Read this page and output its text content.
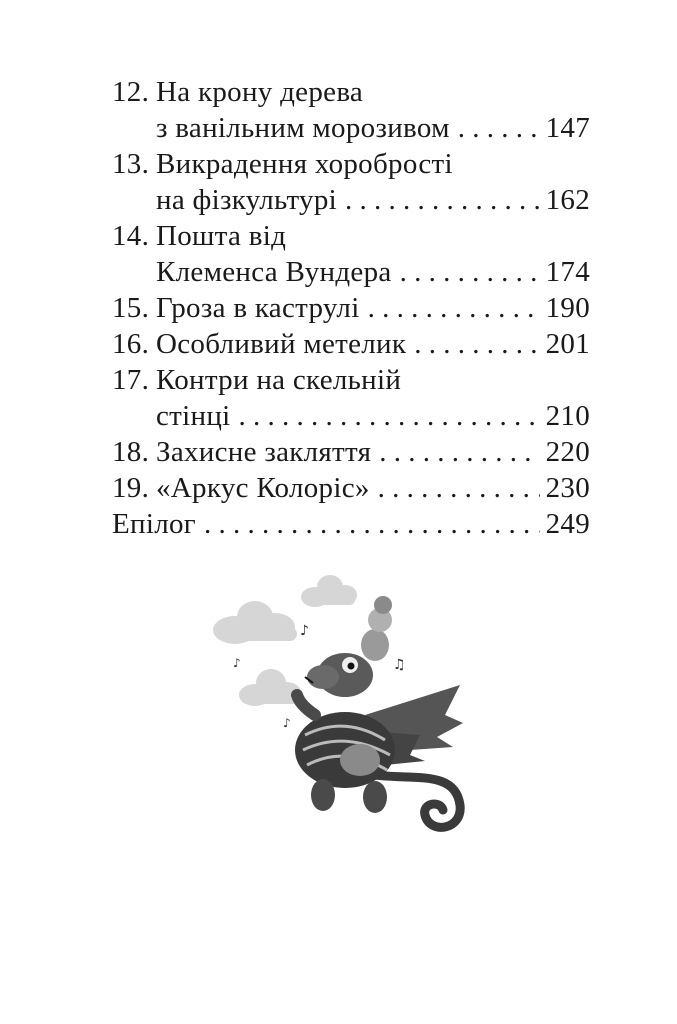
12. На крону дерева
з ванільним морозивом . . .	147
13. Викрадення хоробрості
на фізкультурі . . .	162
14. Пошта від
Клеменса Вундера . . .	174
15. Гроза в каструлі . . .	190
16. Особливий метелик . . .	201
17. Контри на скельній
стінці . . .	210
18. Захисне закляття . . .	220
19. «Аркус Колоріс» . . .	230
Епілог . . .	249
♪
♪	♫
♪
